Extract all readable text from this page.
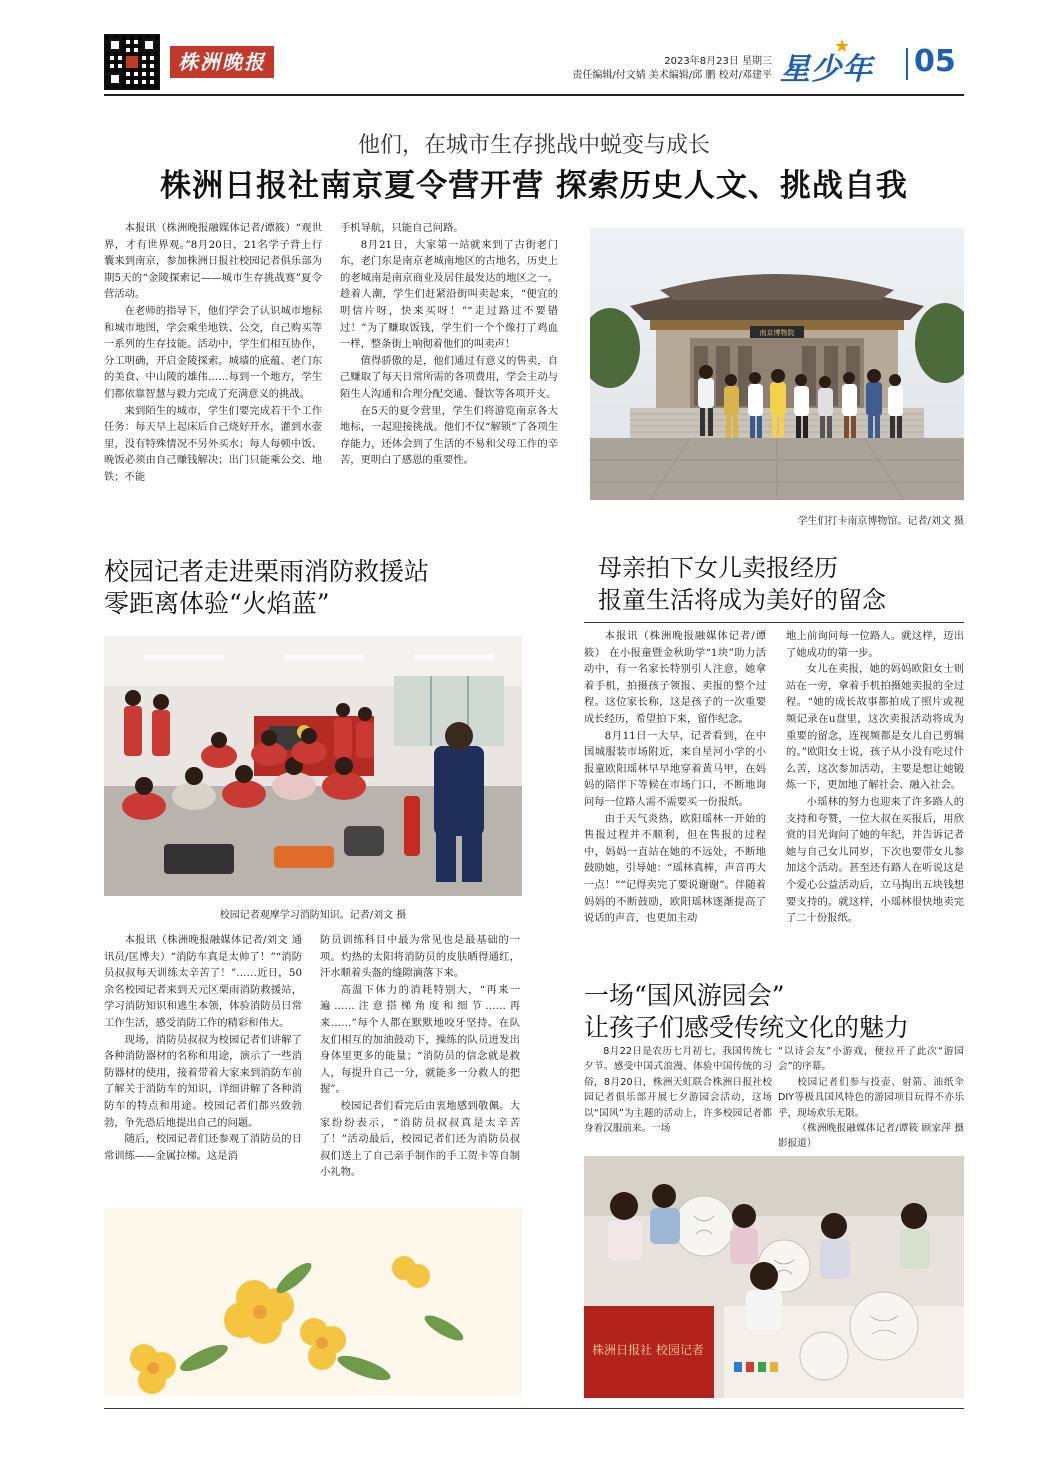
株洲晚报	2023年8月23日 星期三
责任编辑/付文婧 美术编辑/邱 鹏 校对/邓建平 星少年
★ 05
他们，在城市生存挑战中蜕变与成长
株洲日报社南京夏令营开营 探索历史人文、挑战自我

本报讯（株洲晚报融媒体记者/谭筱）“观世界，才有世界观。”8月20日，21名学子背上行囊来到南京，参加株洲日报社校园记者俱乐部为期5天的“金陵探索记——城市生存挑战赛”夏令营活动。

在老师的指导下，他们学会了认识城市地标和城市地图，学会乘坐地铁、公交，自己购买等一系列的生存技能。活动中，学生们相互协作，分工明确，开启金陵探索。城墙的底蕴、老门东的美食、中山陵的雄伟……每到一个地方，学生们都依靠智慧与毅力完成了充满意义的挑战。

来到陌生的城市，学生们要完成若干个工作任务：每天早上起床后自己烧好开水，灌到水壶里，没有特殊情况不另外买水；每人每顿中饭、晚饭必须由自己赚钱解决；出门只能乘公交、地铁；不能

手机导航，只能自己问路。

8月21日，大家第一站就来到了古街老门东，老门东是南京老城南地区的古地名，历史上的老城南是南京商业及居住最发达的地区之一。趁着人潮，学生们赶紧沿街叫卖起来，“便宜的明信片呀，快来买呀！”“走过路过不要错过！”为了赚取饭钱，学生们一个个像打了鸡血一样，整条街上响彻着他们的叫卖声！

值得骄傲的是，他们通过有意义的售卖，自己赚取了每天日常所需的各项费用，学会主动与陌生人沟通和合理分配交通、餐饮等各项开支。

在5天的夏令营里，学生们将游览南京各大地标，一起迎接挑战。他们不仅“解锁”了各项生存能力，还体会到了生活的不易和父母工作的辛苦，更明白了感恩的重要性。

南京博物院
学生们打卡南京博物馆。记者/刘文 摄
校园记者走进栗雨消防救援站
零距离体验“火焰蓝”
校园记者观摩学习消防知识。记者/刘文 摄

本报讯（株洲晚报融媒体记者/刘文 通讯员/匡博夫）“消防车真是太帅了！”“消防员叔叔每天训练太辛苦了！”……近日，50余名校园记者来到天元区栗雨消防救援站，学习消防知识和逃生本领，体验消防员日常工作生活，感受消防工作的精彩和伟大。

现场，消防员叔叔为校园记者们讲解了各种消防器材的名称和用途，演示了一些消防器材的使用，接着带着大家来到消防车前了解关于消防车的知识，详细讲解了各种消防车的特点和用途。校园记者们都兴致勃勃，争先恐后地提出自己的问题。

随后，校园记者们还参观了消防员的日常训练——金属拉梯。这是消

防员训练科目中最为常见也是最基础的一项。灼热的太阳将消防员的皮肤晒得通红，汗水顺着头盔的缝隙滴落下来。

高温下体力的消耗特别大，“再来一遍……注意搭梯角度和细节……再来……”每个人都在默默地咬牙坚持。在队友们相互的加油鼓动下，操练的队员迸发出身体里更多的能量；“消防员的信念就是救人，每提升自己一分，就能多一分救人的把握”。

校园记者们看完后由衷地感到敬佩。大家纷纷表示，“消防员叔叔真是太辛苦了！”活动最后，校园记者们还为消防员叔叔们送上了自己亲手制作的手工贺卡等自制小礼物。

母亲拍下女儿卖报经历
报童生活将成为美好的留念

本报讯（株洲晚报融媒体记者/谭筱） 在小报童暨金秋助学“1块”助力活动中，有一名家长特别引人注意，她拿着手机，拍摄孩子领报、卖报的整个过程。这位家长称，这是孩子的一次重要成长经历，希望拍下来，留作纪念。

8月11日一大早，记者看到，在中国城服装市场附近，来自星河小学的小报童欧阳瑶林早早地穿着黄马甲，在妈妈的陪伴下等候在市场门口，不断地询问每一位路人需不需要买一份报纸。

由于天气炎热，欧阳瑶林一开始的售报过程并不顺利，但在售报的过程中，妈妈一直站在她的不远处，不断地鼓励她，引导她：“瑶林真棒，声音再大一点！”“记得卖完了要说谢谢”。伴随着妈妈的不断鼓励，欧阳瑶林逐渐提高了说话的声音，也更加主动

地上前询问每一位路人。就这样，迈出了她成功的第一步。

女儿在卖报，她的妈妈欧阳女士则站在一旁，拿着手机拍摄她卖报的全过程。“她的成长故事都拍成了照片或视频记录在u盘里，这次卖报活动将成为重要的留念，连视频都是女儿自己剪辑的。”欧阳女士说，孩子从小没有吃过什么苦，这次参加活动，主要是想让她锻炼一下，更加地了解社会、融入社会。

小瑶林的努力也迎来了许多路人的支持和夸赞，一位大叔在买报后，用欣赏的目光询问了她的年纪，并告诉记者她与自己女儿同岁，下次也要带女儿参加这个活动。甚至还有路人在听说这是个爱心公益活动后，立马掏出五块钱想要支持的。就这样，小瑶林很快地卖完了二十份报纸。

一场“国风游园会”
让孩子们感受传统文化的魅力

8月22日是农历七月初七，我国传统七夕节。感受中国式浪漫、体验中国传统的习俗，8月20日，株洲天虹联合株洲日报社校园记者俱乐部开展七夕游园会活动，这场以“国风”为主题的活动上，许多校园记者都身着汉服前来。一场

“以诗会友”小游戏，便拉开了此次“游园会”的序幕。

校园记者们参与投壶、射箭、油纸伞DIY等极具国风特色的游园项目玩得不亦乐乎，现场欢乐无限。

（株洲晚报融媒体记者/谭筱 顾家萍 摄影报道）

株洲日报社 校园记者
